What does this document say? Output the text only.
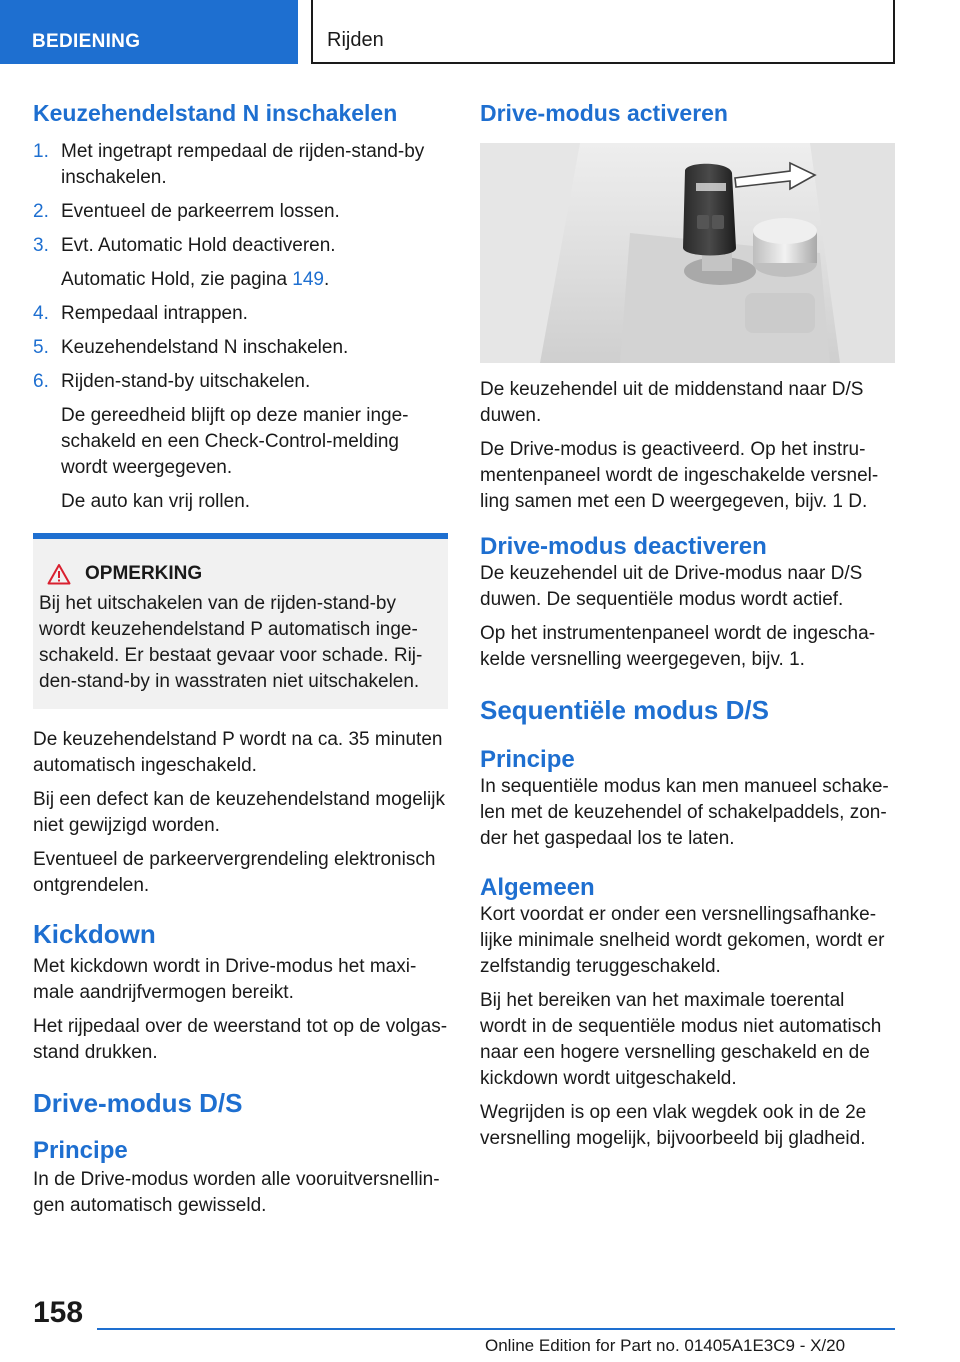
BEDIENING	Rijden
Keuzehendelstand N inschakelen
1. Met ingetrapt rempedaal de rijden-stand-by inschakelen.
2. Eventueel de parkeerrem lossen.
3. Evt. Automatic Hold deactiveren.
Automatic Hold, zie pagina 149.
4. Rempedaal intrappen.
5. Keuzehendelstand N inschakelen.
6. Rijden-stand-by uitschakelen.
De gereedheid blijft op deze manier inge-schakeld en een Check-Control-melding wordt weergegeven.
De auto kan vrij rollen.
OPMERKING
Bij het uitschakelen van de rijden-stand-by wordt keuzehendelstand P automatisch inge-schakeld. Er bestaat gevaar voor schade. Rij-den-stand-by in wasstraten niet uitschakelen.
De keuzehendelstand P wordt na ca. 35 minuten automatisch ingeschakeld.
Bij een defect kan de keuzehendelstand mogelijk niet gewijzigd worden.
Eventueel de parkeervergrendeling elektronisch ontgrendelen.
Kickdown
Met kickdown wordt in Drive-modus het maxi-male aandrijfvermogen bereikt.
Het rijpedaal over de weerstand tot op de volgas-stand drukken.
Drive-modus D/S
Principe
In de Drive-modus worden alle vooruitversnellin-gen automatisch gewisseld.
Drive-modus activeren
De keuzehendel uit de middenstand naar D/S duwen.
De Drive-modus is geactiveerd. Op het instru-mentenpaneel wordt de ingeschakelde versnel-ling samen met een D weergegeven, bijv. 1 D.
Drive-modus deactiveren
De keuzehendel uit de Drive-modus naar D/S duwen. De sequentiële modus wordt actief.
Op het instrumentenpaneel wordt de ingescha-kelde versnelling weergegeven, bijv. 1.
Sequentiële modus D/S
Principe
In sequentiële modus kan men manueel schake-len met de keuzehendel of schakelpaddels, zon-der het gaspedaal los te laten.
Algemeen
Kort voordat er onder een versnellingsafhanke-lijke minimale snelheid wordt gekomen, wordt er zelfstandig teruggeschakeld.
Bij het bereiken van het maximale toerental wordt in de sequentiële modus niet automatisch naar een hogere versnelling geschakeld en de kickdown wordt uitgeschakeld.
Wegrijden is op een vlak wegdek ook in de 2e versnelling mogelijk, bijvoorbeeld bij gladheid.
158
Online Edition for Part no. 01405A1E3C9 - X/20
